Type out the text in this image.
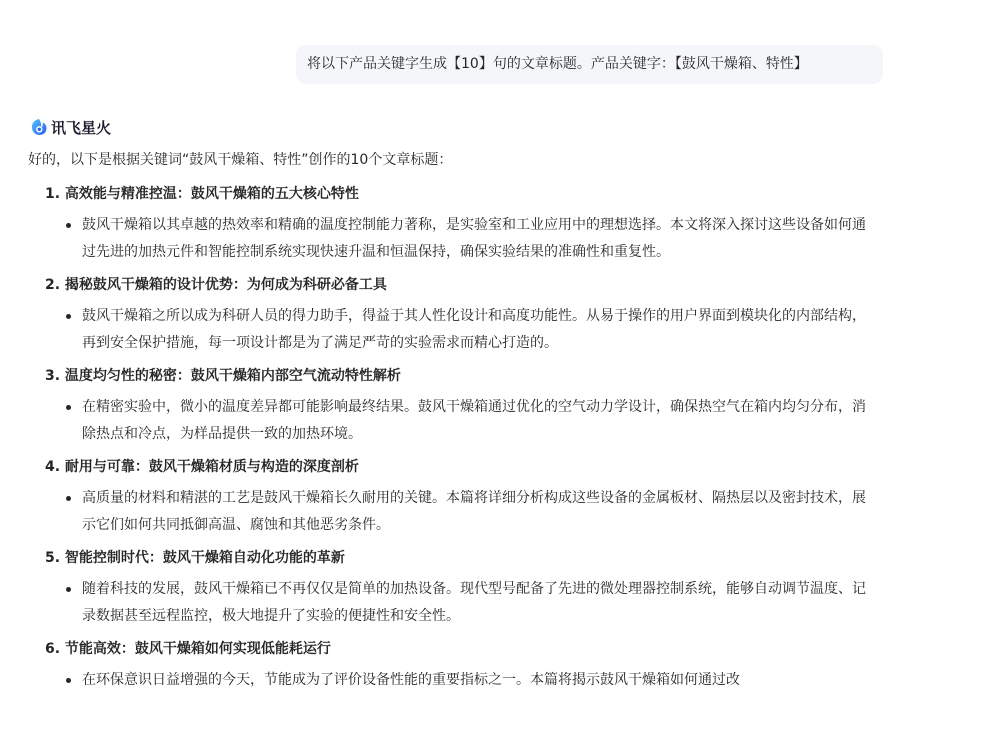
将以下产品关键字生成【10】句的文章标题。产品关键字：【鼓风干燥箱、特性】
讯飞星火
好的，以下是根据关键词“鼓风干燥箱、特性”创作的10个文章标题：
1. 高效能与精准控温：鼓风干燥箱的五大核心特性
鼓风干燥箱以其卓越的热效率和精确的温度控制能力著称，是实验室和工业应用中的理想选择。本文将深入探讨这些设备如何通过先进的加热元件和智能控制系统实现快速升温和恒温保持，确保实验结果的准确性和重复性。
2. 揭秘鼓风干燥箱的设计优势：为何成为科研必备工具
鼓风干燥箱之所以成为科研人员的得力助手，得益于其人性化设计和高度功能性。从易于操作的用户界面到模块化的内部结构，再到安全保护措施，每一项设计都是为了满足严苛的实验需求而精心打造的。
3. 温度均匀性的秘密：鼓风干燥箱内部空气流动特性解析
在精密实验中，微小的温度差异都可能影响最终结果。鼓风干燥箱通过优化的空气动力学设计，确保热空气在箱内均匀分布，消除热点和冷点，为样品提供一致的加热环境。
4. 耐用与可靠：鼓风干燥箱材质与构造的深度剖析
高质量的材料和精湛的工艺是鼓风干燥箱长久耐用的关键。本篇将详细分析构成这些设备的金属板材、隔热层以及密封技术，展示它们如何共同抵御高温、腐蚀和其他恶劣条件。
5. 智能控制时代：鼓风干燥箱自动化功能的革新
随着科技的发展，鼓风干燥箱已不再仅仅是简单的加热设备。现代型号配备了先进的微处理器控制系统，能够自动调节温度、记录数据甚至远程监控，极大地提升了实验的便捷性和安全性。
6. 节能高效：鼓风干燥箱如何实现低能耗运行
在环保意识日益增强的今天，节能成为了评价设备性能的重要指标之一。本篇将揭示鼓风干燥箱如何通过改
